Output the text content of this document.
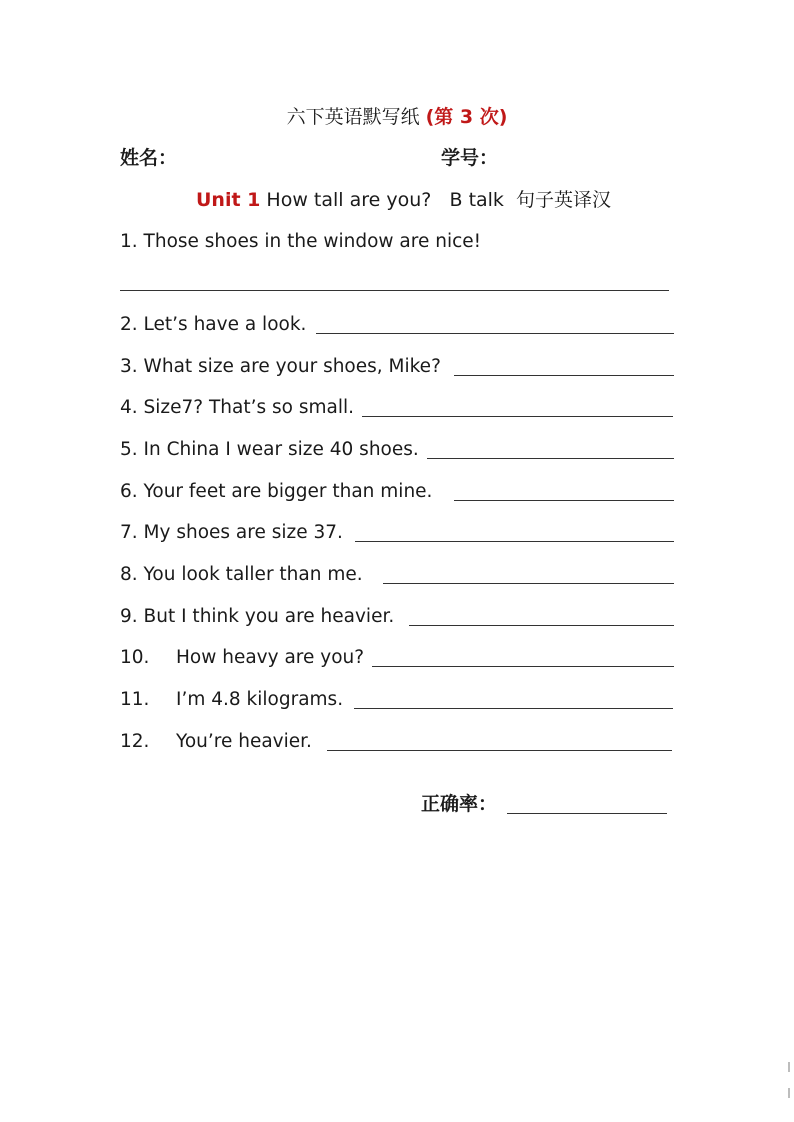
六下英语默写纸 (第 3 次)
姓名：	学号：
Unit 1 How tall are you?   B talk  句子英译汉
1. Those shoes in the window are nice!
2. Let’s have a look.
3. What size are your shoes, Mike?
4. Size7? That’s so small.
5. In China I wear size 40 shoes.
6. Your feet are bigger than mine.
7. My shoes are size 37.
8. You look taller than me.
9. But I think you are heavier.
10. How heavy are you?
11. I’m 4.8 kilograms.
12. You’re heavier.
正确率：
